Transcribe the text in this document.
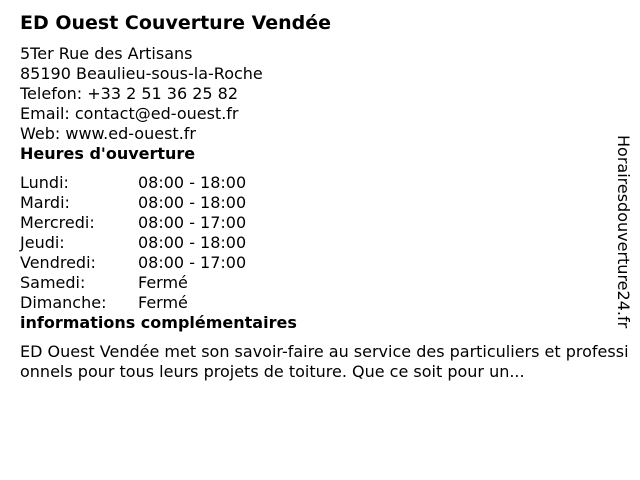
ED Ouest Couverture Vendée
5Ter Rue des Artisans
85190 Beaulieu-sous-la-Roche
Telefon: +33 2 51 36 25 82
Email: contact@ed-ouest.fr
Web: www.ed-ouest.fr
Heures d'ouverture
Lundi:	08:00 - 18:00
Mardi:	08:00 - 18:00
Mercredi:	08:00 - 17:00
Jeudi:	08:00 - 18:00
Vendredi:	08:00 - 17:00
Samedi:	Fermé
Dimanche: Fermé
informations complémentaires
ED Ouest Vendée met son savoir-faire au service des particuliers et professionnels pour tous leurs projets de toiture. Que ce soit pour un...
Horairesdouverture24.fr
